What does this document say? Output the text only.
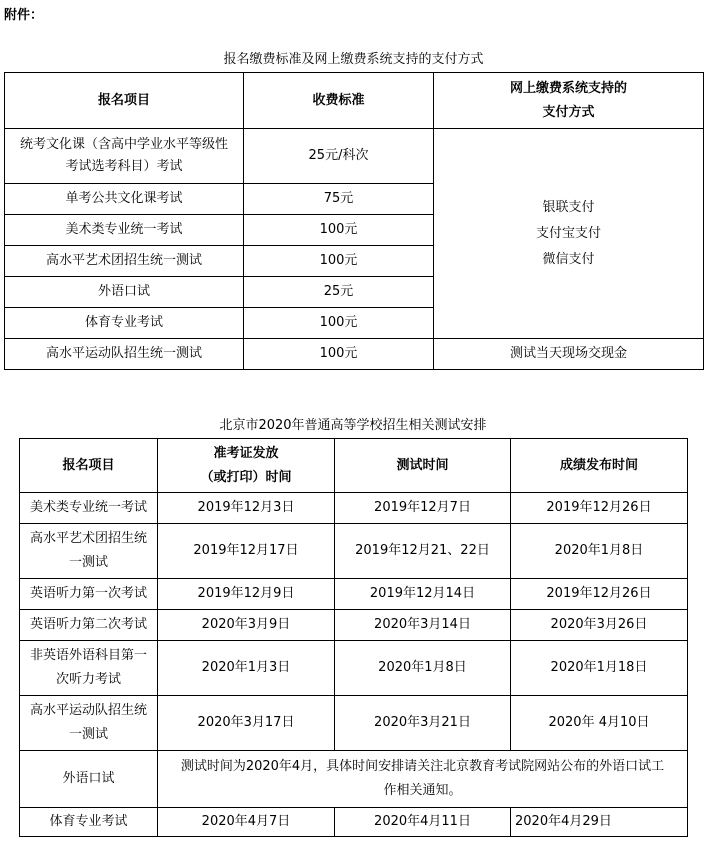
附件：
报名缴费标准及网上缴费系统支持的支付方式
报名项目	收费标准	网上缴费系统支持的
支付方式

统考文化课（含高中学业水平等级性
考试选考科目）考试	25元/科次	银联支付
支付宝支付
微信支付

单考公共文化课考试	75元	
美术类专业统一考试	100元	
高水平艺术团招生统一测试	100元	
外语口试	25元	
体育专业考试	100元	
高水平运动队招生统一测试	100元	测试当天现场交现金
北京市2020年普通高等学校招生相关测试安排
报名项目	准考证发放
（或打印）时间	测试时间	成绩发布时间
美术类专业统一考试	2019年12月3日	2019年12月7日	2019年12月26日

高水平艺术团招生统
一测试	2019年12月17日	2019年12月21、22日	2020年1月8日
英语听力第一次考试	2019年12月9日	2019年12月14日	2019年12月26日
英语听力第二次考试	2020年3月9日	2020年3月14日	2020年3月26日

非英语外语科目第一
次听力考试	2020年1月3日	2020年1月8日	2020年1月18日

高水平运动队招生统
一测试	2020年3月17日	2020年3月21日	2020年 4月10日
外语口试	测试时间为2020年4月，具体时间安排请关注北京教育考试院网站公布的外语口试工
作相关通知。		

体育专业考试	2020年4月7日	2020年4月11日	2020年4月29日
